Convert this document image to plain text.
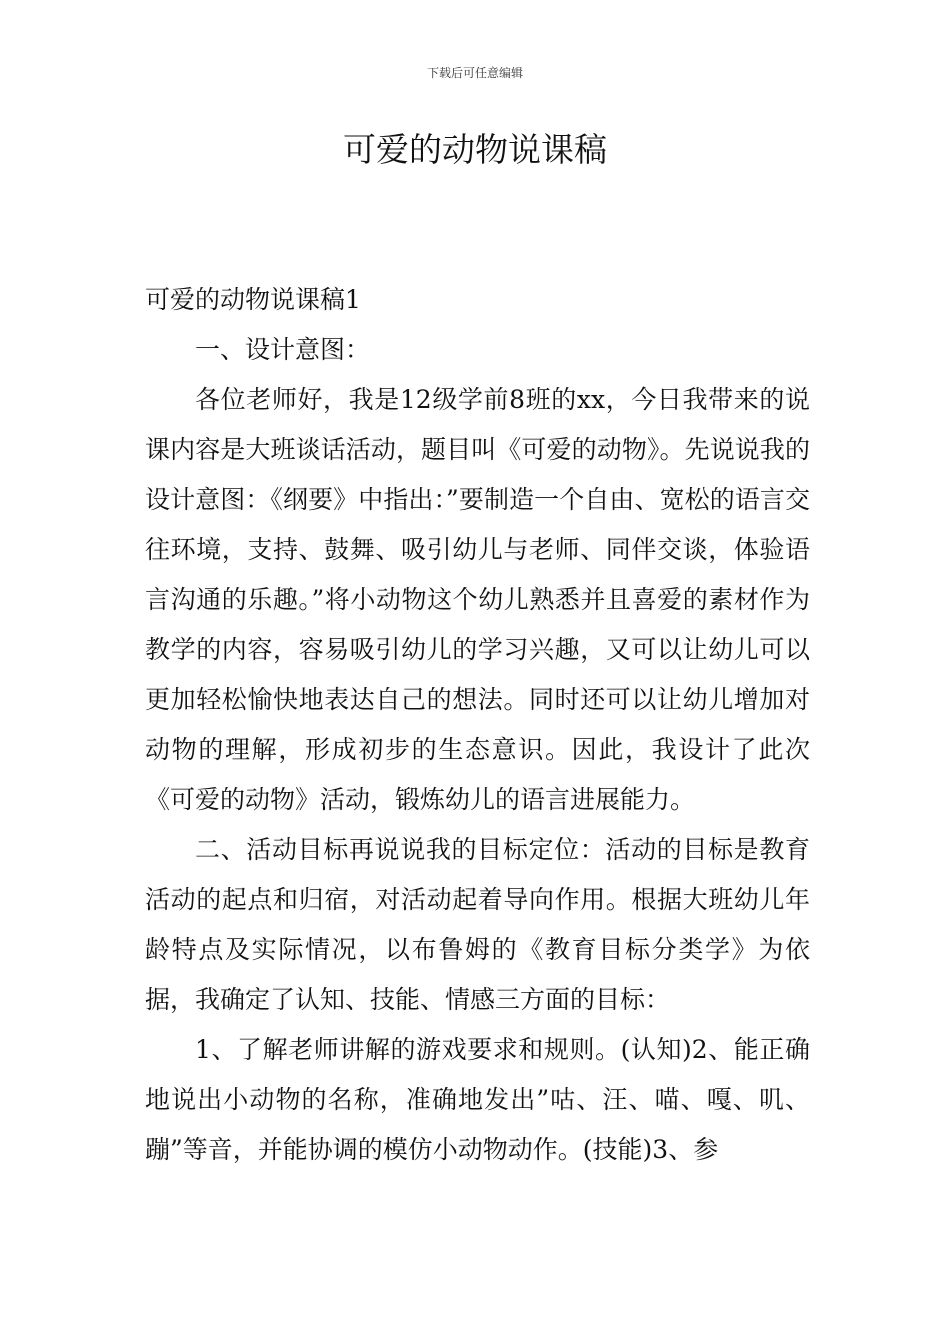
下载后可任意编辑
可爱的动物说课稿

可爱的动物说课稿1

一、设计意图：

各位老师好，我是12级学前8班的xx，今日我带来的说课内容是大班谈话活动，题目叫《可爱的动物》。先说说我的设计意图：《纲要》中指出：”要制造一个自由、宽松的语言交往环境，支持、鼓舞、吸引幼儿与老师、同伴交谈，体验语言沟通的乐趣。”将小动物这个幼儿熟悉并且喜爱的素材作为教学的内容，容易吸引幼儿的学习兴趣，又可以让幼儿可以更加轻松愉快地表达自己的想法。同时还可以让幼儿增加对动物的理解，形成初步的生态意识。因此，我设计了此次《可爱的动物》活动，锻炼幼儿的语言进展能力。

二、活动目标再说说我的目标定位：活动的目标是教育活动的起点和归宿，对活动起着导向作用。根据大班幼儿年龄特点及实际情况，以布鲁姆的《教育目标分类学》为依据，我确定了认知、技能、情感三方面的目标：

1、了解老师讲解的游戏要求和规则。(认知)2、能正确地说出小动物的名称，准确地发出”咕、汪、喵、嘎、叽、蹦”等音，并能协调的模仿小动物动作。(技能)3、参
